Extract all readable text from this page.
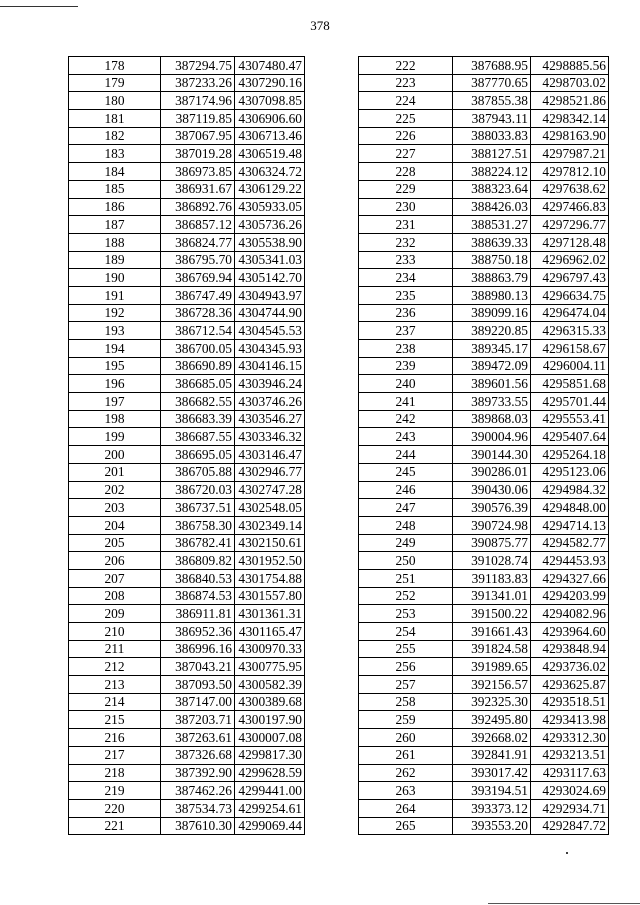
378
178	387294.75	4307480.47
179	387233.26	4307290.16
180	387174.96	4307098.85
181	387119.85	4306906.60
182	387067.95	4306713.46
183	387019.28	4306519.48
184	386973.85	4306324.72
185	386931.67	4306129.22
186	386892.76	4305933.05
187	386857.12	4305736.26
188	386824.77	4305538.90
189	386795.70	4305341.03
190	386769.94	4305142.70
191	386747.49	4304943.97
192	386728.36	4304744.90
193	386712.54	4304545.53
194	386700.05	4304345.93
195	386690.89	4304146.15
196	386685.05	4303946.24
197	386682.55	4303746.26
198	386683.39	4303546.27
199	386687.55	4303346.32
200	386695.05	4303146.47
201	386705.88	4302946.77
202	386720.03	4302747.28
203	386737.51	4302548.05
204	386758.30	4302349.14
205	386782.41	4302150.61
206	386809.82	4301952.50
207	386840.53	4301754.88
208	386874.53	4301557.80
209	386911.81	4301361.31
210	386952.36	4301165.47
211	386996.16	4300970.33
212	387043.21	4300775.95
213	387093.50	4300582.39
214	387147.00	4300389.68
215	387203.71	4300197.90
216	387263.61	4300007.08
217	387326.68	4299817.30
218	387392.90	4299628.59
219	387462.26	4299441.00
220	387534.73	4299254.61
221	387610.30	4299069.44
222	387688.95	4298885.56
223	387770.65	4298703.02
224	387855.38	4298521.86
225	387943.11	4298342.14
226	388033.83	4298163.90
227	388127.51	4297987.21
228	388224.12	4297812.10
229	388323.64	4297638.62
230	388426.03	4297466.83
231	388531.27	4297296.77
232	388639.33	4297128.48
233	388750.18	4296962.02
234	388863.79	4296797.43
235	388980.13	4296634.75
236	389099.16	4296474.04
237	389220.85	4296315.33
238	389345.17	4296158.67
239	389472.09	4296004.11
240	389601.56	4295851.68
241	389733.55	4295701.44
242	389868.03	4295553.41
243	390004.96	4295407.64
244	390144.30	4295264.18
245	390286.01	4295123.06
246	390430.06	4294984.32
247	390576.39	4294848.00
248	390724.98	4294714.13
249	390875.77	4294582.77
250	391028.74	4294453.93
251	391183.83	4294327.66
252	391341.01	4294203.99
253	391500.22	4294082.96
254	391661.43	4293964.60
255	391824.58	4293848.94
256	391989.65	4293736.02
257	392156.57	4293625.87
258	392325.30	4293518.51
259	392495.80	4293413.98
260	392668.02	4293312.30
261	392841.91	4293213.51
262	393017.42	4293117.63
263	393194.51	4293024.69
264	393373.12	4292934.71
265	393553.20	4292847.72
